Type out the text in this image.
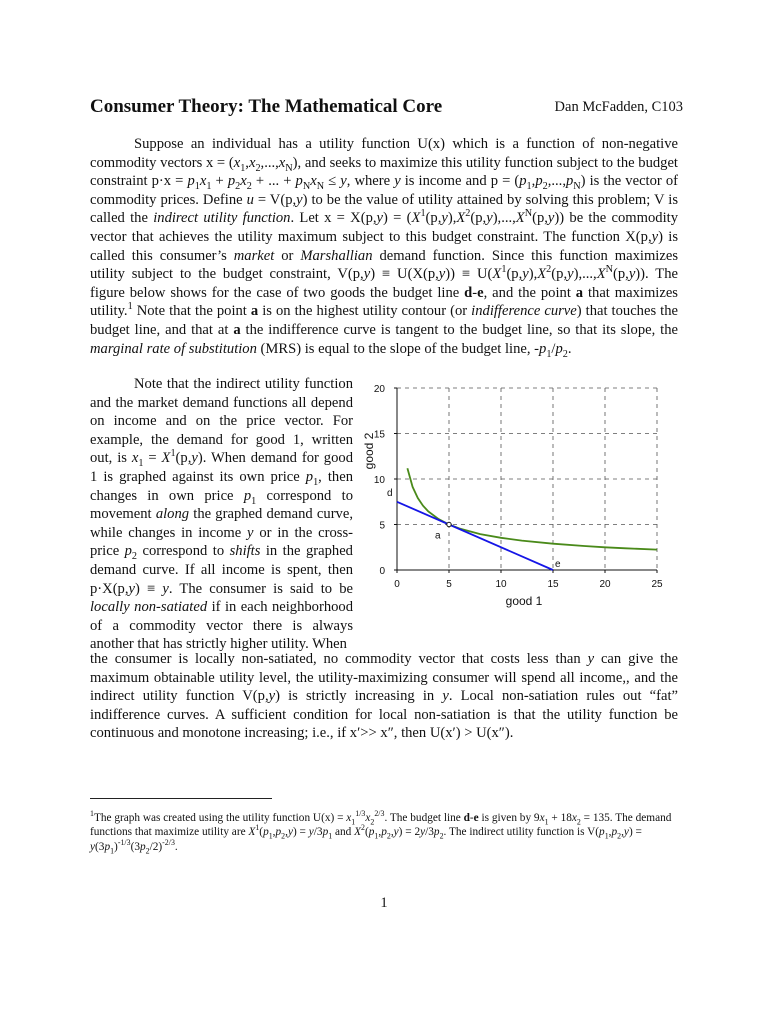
Consumer Theory: The Mathematical Core	Dan McFadden, C103
Suppose an individual has a utility function U(x) which is a function of non-negative commodity vectors $x = (x_1,x_2,...,x_N)$, and seeks to maximize this utility function subject to the budget constraint $p\cdot x = p_1x_1 + p_2x_2$ + ... + $p_Nx_N \le y$, where y is income and $p = (p_1,p_2,...,p_N)$ is the vector of commodity prices. Define u = V(p,y) to be the value of utility attained by solving this problem; V is called the indirect utility function. Let $x = X(p,y) = (X^1(p,y),X^2(p,y),...,X^N(p,y))$ be the commodity vector that achieves the utility maximum subject to this budget constraint. The function X(p,y) is called this consumer’s market or Marshallian demand function. Since this function maximizes utility subject to the budget constraint, $V(p,y) \equiv U(X(p,y)) \equiv U(X^1(p,y),X^2(p,y),...,X^N(p,y))$. The figure below shows for the case of two goods the budget line d-e, and the point a that maximizes utility.$^1$ Note that the point a is on the highest utility contour (or indifference curve) that touches the budget line, and that at a the indifference curve is tangent to the budget line, so that its slope, the marginal rate of substitution (MRS) is equal to the slope of the budget line, $-p_1/p_2$.
Note that the indirect utility function and the market demand functions all depend on income and on the price vector. For example, the demand for good 1, written out, is $x_1 = X^1(p,y)$. When demand for good 1 is graphed against its own price $p_1$, then changes in own price $p_1$ correspond to movement along the graphed demand curve, while changes in income y or in the cross-price $p_2$ correspond to shifts in the graphed demand curve. If all income is spent, then p·X(p,y) ≡ y. The consumer is said to be locally non-satiated if in each neighborhood of a commodity vector there is always another that has strictly higher utility. When
the consumer is locally non-satiated, no commodity vector that costs less than y can give the maximum obtainable utility level, the utility-maximizing consumer will spend all income,, and the indirect utility function V(p,y) is strictly increasing in y. Local non-satiation rules out “fat” indifference curves. A sufficient condition for local non-satiation is that the utility function be continuous and monotone increasing; i.e., if x′>> x″, then U(x′) > U(x″).
0	5	10	15	20	25
0
5
10
15
20
d
a
e
good 1
good 2
$^1$The graph was created using the utility function $U(x) = x_1^{1/3}x_2^{2/3}$. The budget line d-e is given by $9x_1 + 18x_2 = 135$. The demand functions that maximize utility are $X^1(p_1,p_2,y) = y/3p_1$ and $X^2(p_1,p_2,y) = 2y/3p_2$. The indirect utility function is $V(p_1,p_2,y) = y(3p_1)^{-1/3}(3p_2/2)^{-2/3}$.
1
